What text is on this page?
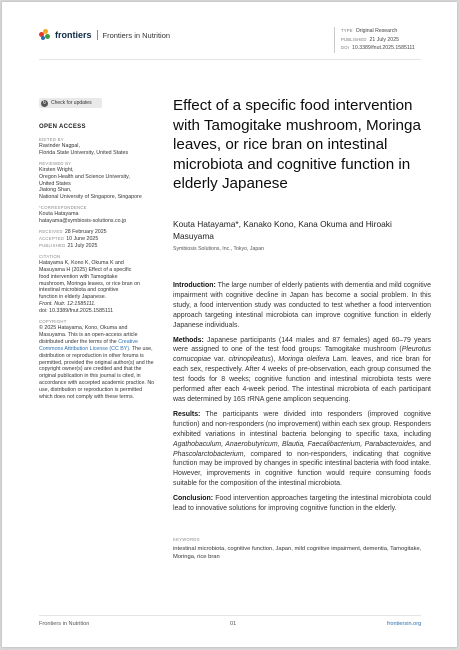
frontiers Frontiers in Nutrition	TYPE Original Research
PUBLISHED 21 July 2025
DOI 10.3389/fnut.2025.1585111
↻ Check for updates
OPEN ACCESS
EDITED BY
Ravinder Nagpal,
Florida State University, United States
REVIEWED BY
Kirsten Wright,
Oregon Health and Science University,
United States
Jiatong Shan,
National University of Singapore, Singapore
*CORRESPONDENCE
Kouta Hatayama
hatayama@symbiosis-solutions.co.jp
RECEIVED 28 February 2025
ACCEPTED 10 June 2025
PUBLISHED 21 July 2025
CITATION
Hatayama K, Kono K, Okuma K and
Masuyama H (2025) Effect of a specific
food intervention with Tamogitake
mushroom, Moringa leaves, or rice bran on
intestinal microbiota and cognitive
function in elderly Japanese.
Front. Nutr. 12:1585111.
doi: 10.3389/fnut.2025.1585111
COPYRIGHT
© 2025 Hatayama, Kono, Okuma and Masuyama. This is an open-access article distributed under the terms of the Creative Commons Attribution License (CC BY). The use, distribution or reproduction in other forums is permitted, provided the original author(s) and the copyright owner(s) are credited and that the original publication in this journal is cited, in accordance with accepted academic practice. No use, distribution or reproduction is permitted which does not comply with these terms.
Effect of a specific food intervention with Tamogitake mushroom, Moringa leaves, or rice bran on intestinal microbiota and cognitive function in elderly Japanese
Kouta Hatayama*, Kanako Kono, Kana Okuma and Hiroaki Masuyama
Symbiosis Solutions, Inc., Tokyo, Japan

Introduction: The large number of elderly patients with dementia and mild cognitive impairment with cognitive decline in Japan has become a social problem. In this study, a food intervention study was conducted to test whether a food intervention approach targeting intestinal microbiota can improve cognitive function in elderly Japanese individuals.

Methods: Japanese participants (144 males and 87 females) aged 60–79 years were assigned to one of the test food groups: Tamogitake mushroom (Pleurotus cornucopiae var. citrinopileatus), Moringa oleifera Lam. leaves, and rice bran for each sex, respectively. After 4 weeks of pre-observation, each group consumed the test foods for 8 weeks; cognitive function and intestinal microbiota tests were performed after each 4-week period. The intestinal microbiota of each participant was determined by 16S rRNA gene amplicon sequencing.

Results: The participants were divided into responders (improved cognitive function) and non-responders (no improvement) within each sex group. Responders exhibited variations in intestinal bacteria belonging to specific taxa, including Agathobaculum, Anaerobutyricum, Blautia, Faecalibacterium, Parabacteroides, and Phascolarctobacterium, compared to non-responders, indicating that cognitive function may be improved by changes in specific intestinal bacteria with food intake. However, improvements in cognitive function would require consuming foods suitable for the composition of the intestinal microbiota.

Conclusion: Food intervention approaches targeting the intestinal microbiota could lead to innovative solutions for improving cognitive function in the elderly.

KEYWORDS
intestinal microbiota, cognitive function, Japan, mild cognitive impairment, dementia, Tamogitake, Moringa, rice bran
Frontiers in Nutrition	01	frontiersin.org
